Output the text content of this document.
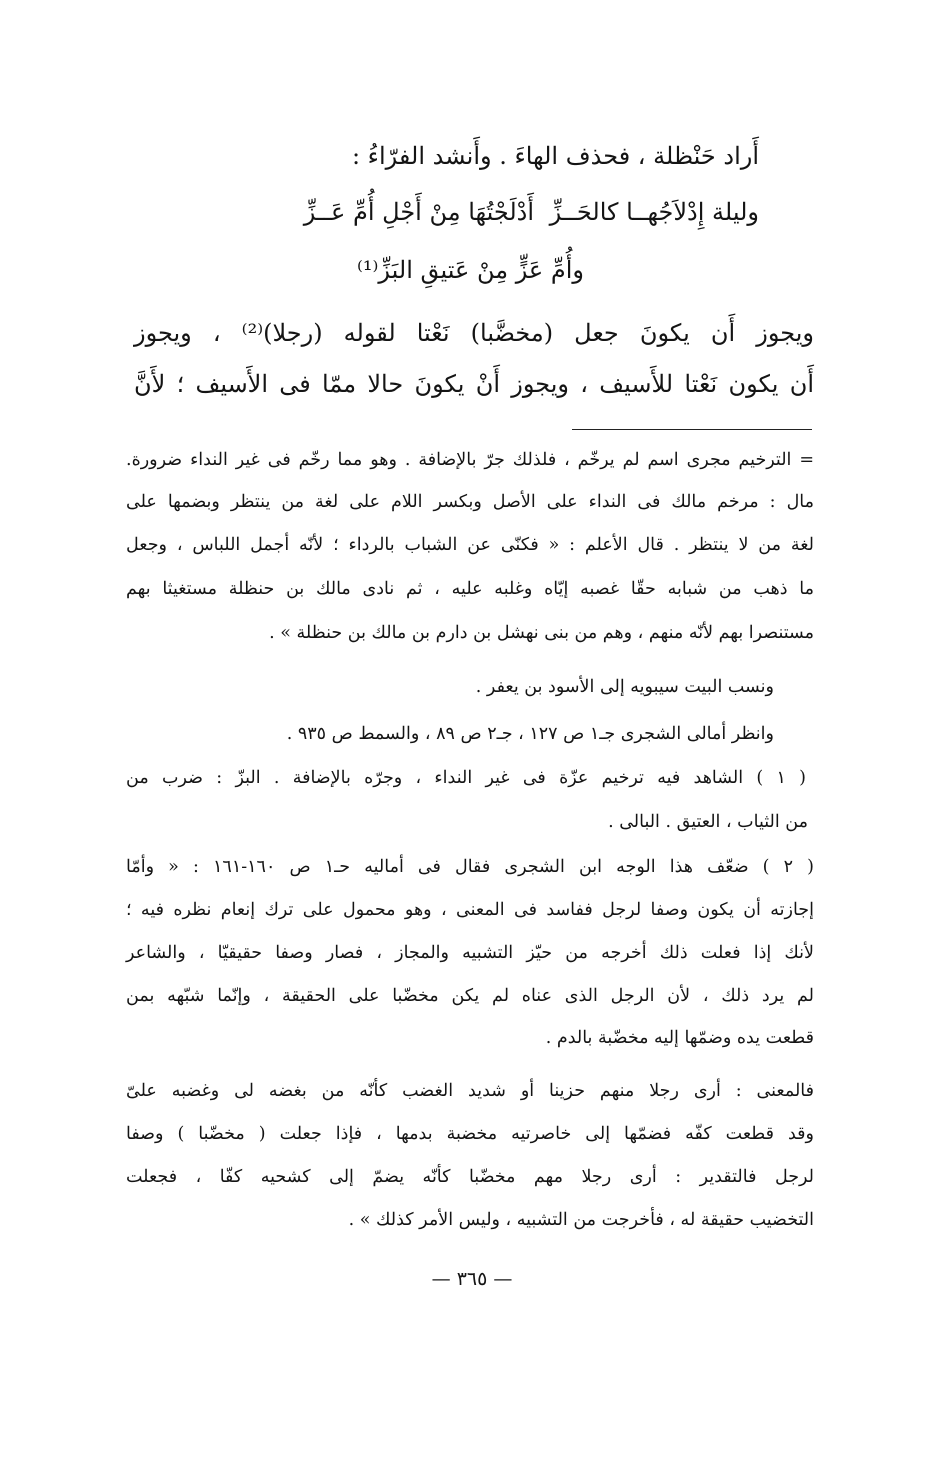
أَراد حَنْظلة ، فحذف الهاءَ . وأَنشد الفرّاءُ :
وليلة إِدْلاَجُهــا كالحَــزِّ
أَدْلَجْتُهَا مِنْ أَجْلِ أُمِّ عَــزِّ
وأُمِّ عَزٍّ مِنْ عَتيقِ البَزِّ⁽¹⁾
ويجوز أَن يكونَ جعل (مخضَّبا) نَعْتا لقوله (رجلا)⁽²⁾ ، ويجوز
أَن يكون نَعْتا للأَسيف ، ويجوز أَنْ يكونَ حالا ممّا فى الأَسيف ؛ لأَنَّ
= الترخيم مجرى اسم لم يرخّم ، فلذلك جرّ بالإضافة . وهو مما رخّم فى غير النداء ضرورة.
مال : مرخم مالك فى النداء على الأصل وبكسر اللام على لغة من ينتظر وبضمها على
لغة من لا ينتظر . قال الأعلم : « فكنّى عن الشباب بالرداء ؛ لأنّه أجمل اللباس ، وجعل
ما ذهب من شبابه حقّا غصبه إيّاه وغلبه عليه ، ثم نادى مالك بن حنظلة مستغيثا بهم
مستنصرا بهم لأنّه منهم ، وهم من بنى نهشل بن دارم بن مالك بن حنظلة » .
ونسب البيت سيبويه إلى الأسود بن يعفر .
وانظر أمالى الشجرى جـ١ ص ١٢٧ ، جـ٢ ص ٨٩ ، والسمط ص ٩٣٥ .
( ١ ) الشاهد فيه ترخيم عزّة فى غير النداء ، وجرّه بالإضافة . البزّ : ضرب من
من الثياب ، العتيق . البالى .
( ٢ ) ضعّف هذا الوجه ابن الشجرى فقال فى أماليه حـ١ ص ١٦٠-١٦١ : « وأمّا
إجازته أن يكون وصفا لرجل ففاسد فى المعنى ، وهو محمول على ترك إنعام نظره فيه ؛
لأنك إذا فعلت ذلك أخرجه من حيّز التشبيه والمجاز ، فصار وصفا حقيقيّا ، والشاعر
لم يرد ذلك ، لأن الرجل الذى عناه لم يكن مخضّبا على الحقيقة ، وإنّما شبّهه بمن
قطعت يده وضمّها إليه مخضّبة بالدم .
فالمعنى : أرى رجلا منهم حزينا أو شديد الغضب كأنّه من بغضه لى وغضبه علىّ
وقد قطعت كفّه فضمّها إلى خاصرتيه مخضبة بدمها ، فإذا جعلت ( مخضّبا ) وصفا
لرجل فالتقدير : أرى رجلا مهم مخضّبا كأنّه يضمّ إلى كشحيه كفّا ، فجعلت
التخضيب حقيقة له ، فأخرجت من التشبيه ، وليس الأمر كذلك » .
— ٣٦٥ —
